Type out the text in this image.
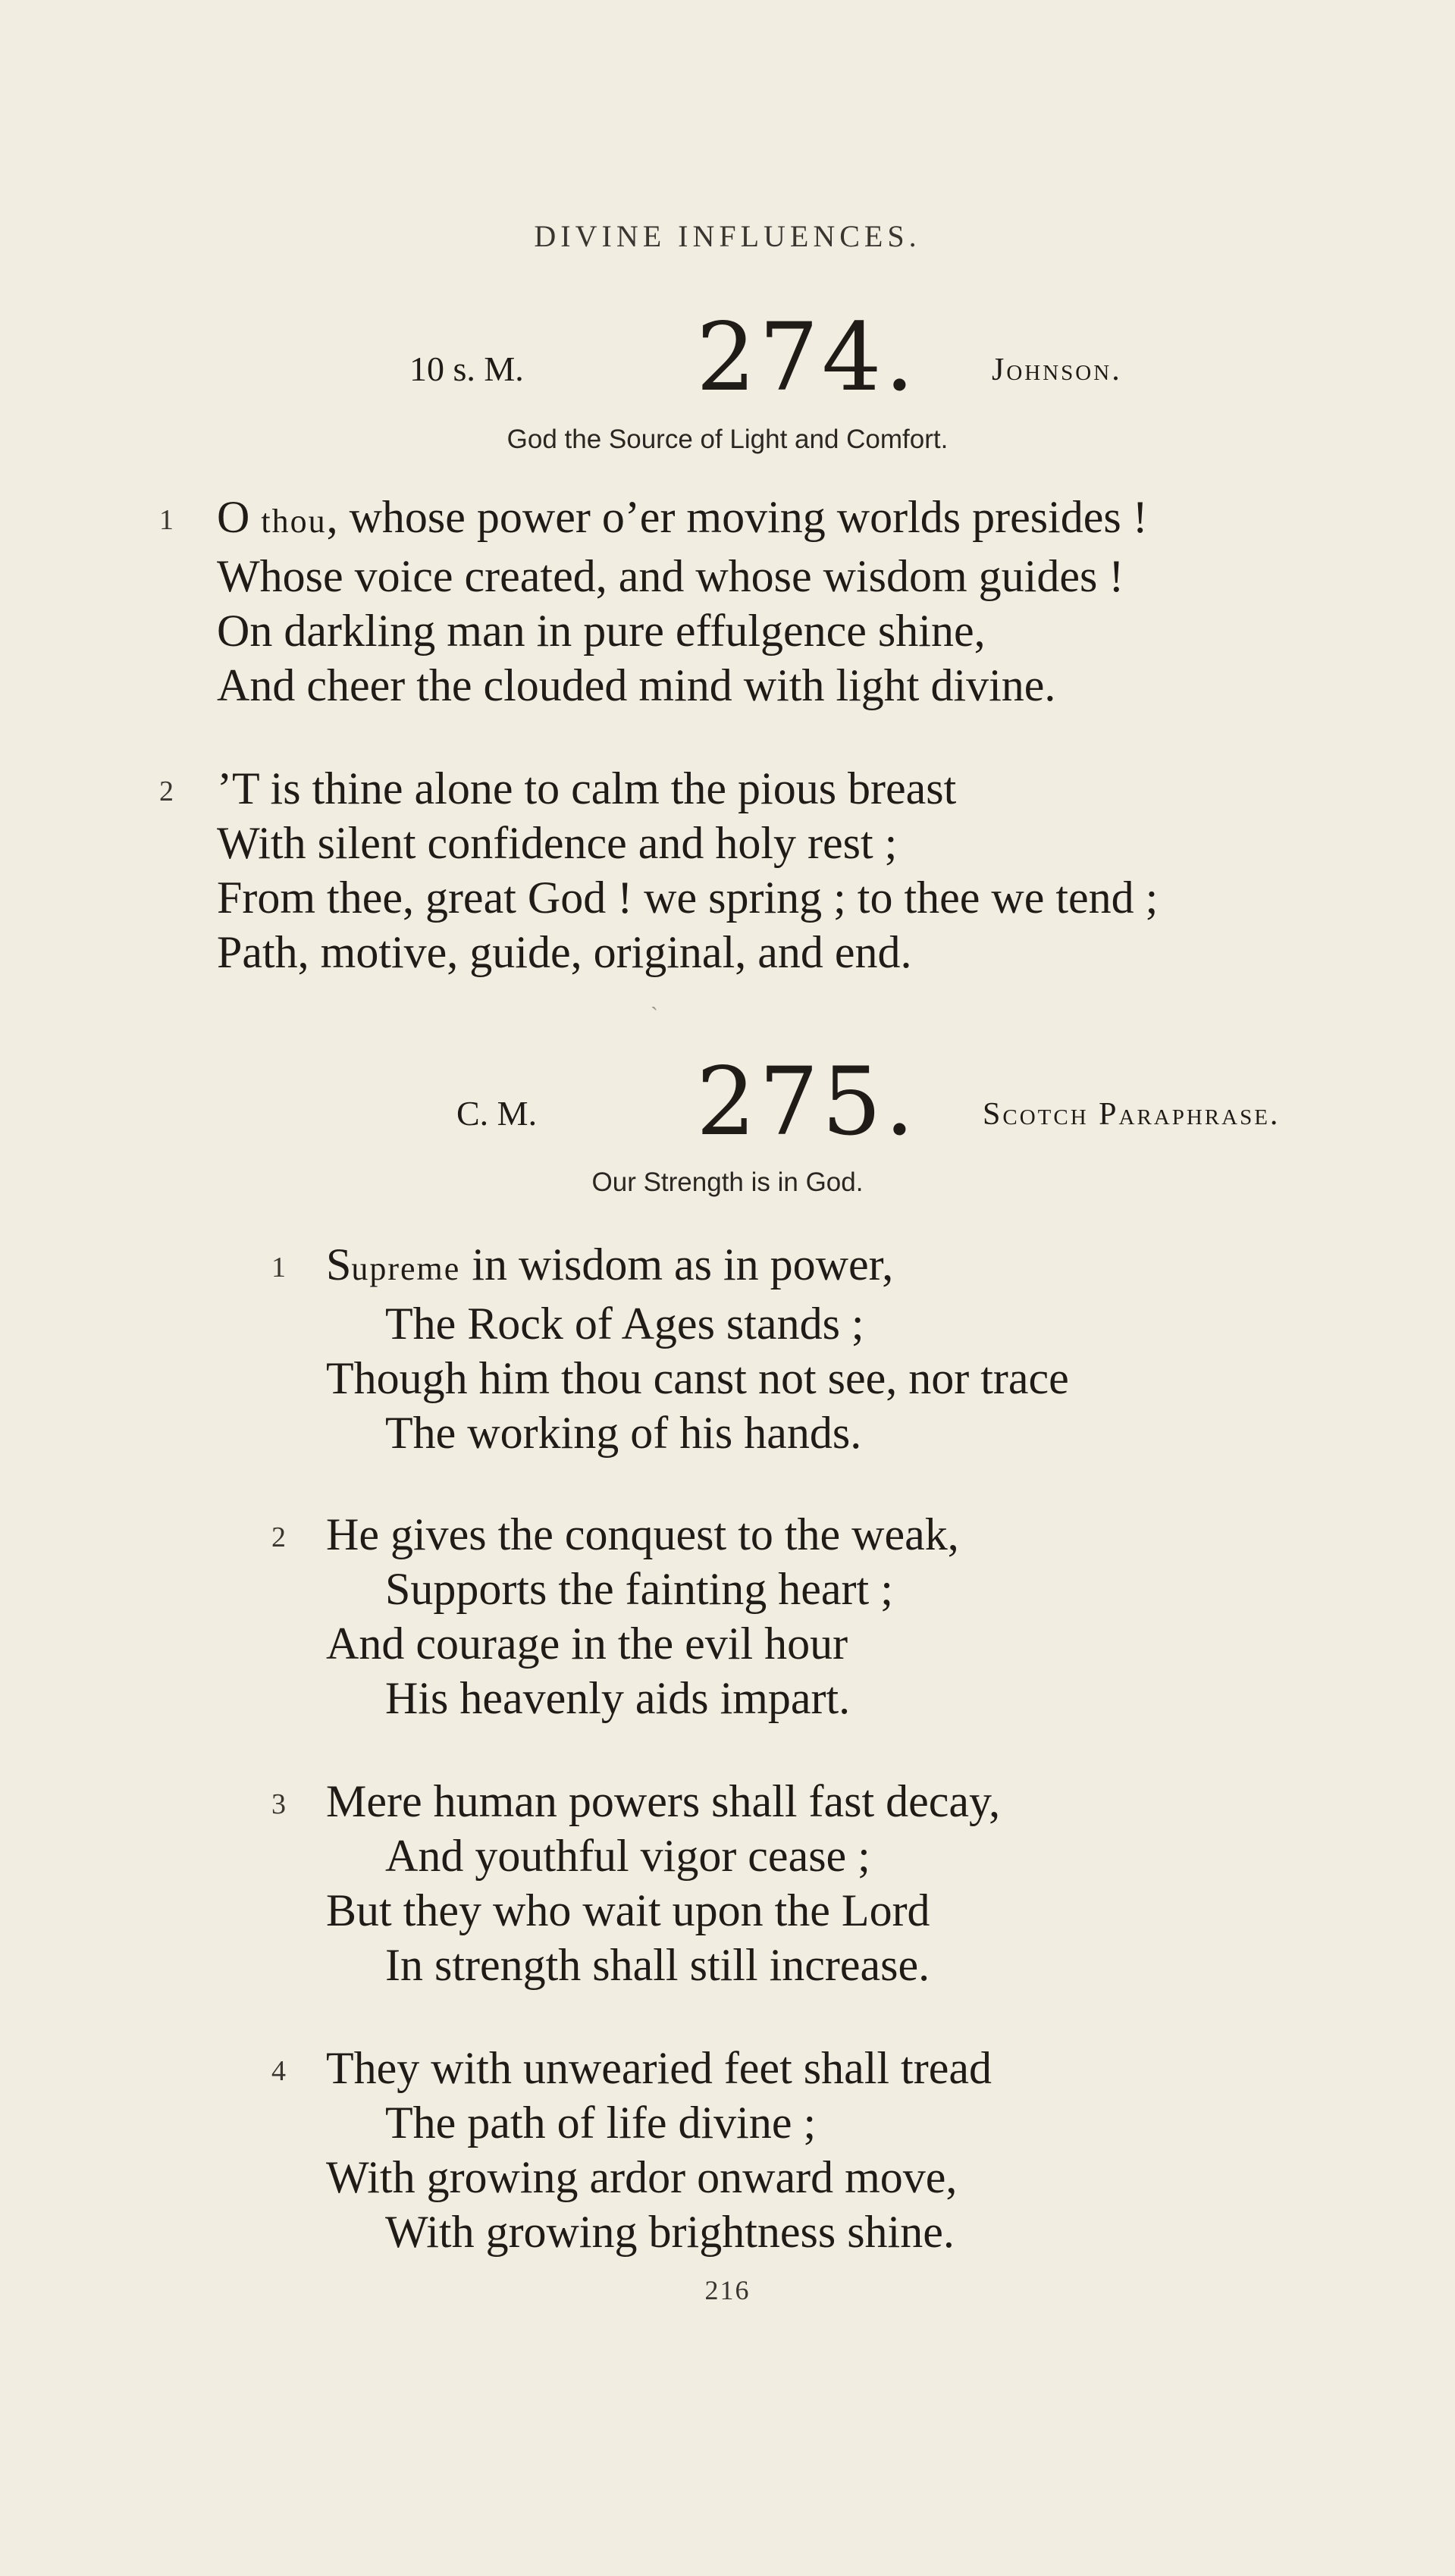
DIVINE INFLUENCES.
10 s. M. 274. Johnson.
God the Source of Light and Comfort.
1 O thou, whose power o’er moving worlds presides !
Whose voice created, and whose wisdom guides !
On darkling man in pure effulgence shine,
And cheer the clouded mind with light divine.
2 ’T is thine alone to calm the pious breast
With silent confidence and holy rest ;
From thee, great God ! we spring ; to thee we tend ;
Path, motive, guide, original, and end.
ˎ
C. M. 275. Scotch Paraphrase.
Our Strength is in God.
1 Supreme in wisdom as in power,
The Rock of Ages stands ;
Though him thou canst not see, nor trace
The working of his hands.
2 He gives the conquest to the weak,
Supports the fainting heart ;
And courage in the evil hour
His heavenly aids impart.
3 Mere human powers shall fast decay,
And youthful vigor cease ;
But they who wait upon the Lord
In strength shall still increase.
4 They with unwearied feet shall tread
The path of life divine ;
With growing ardor onward move,
With growing brightness shine.
216
